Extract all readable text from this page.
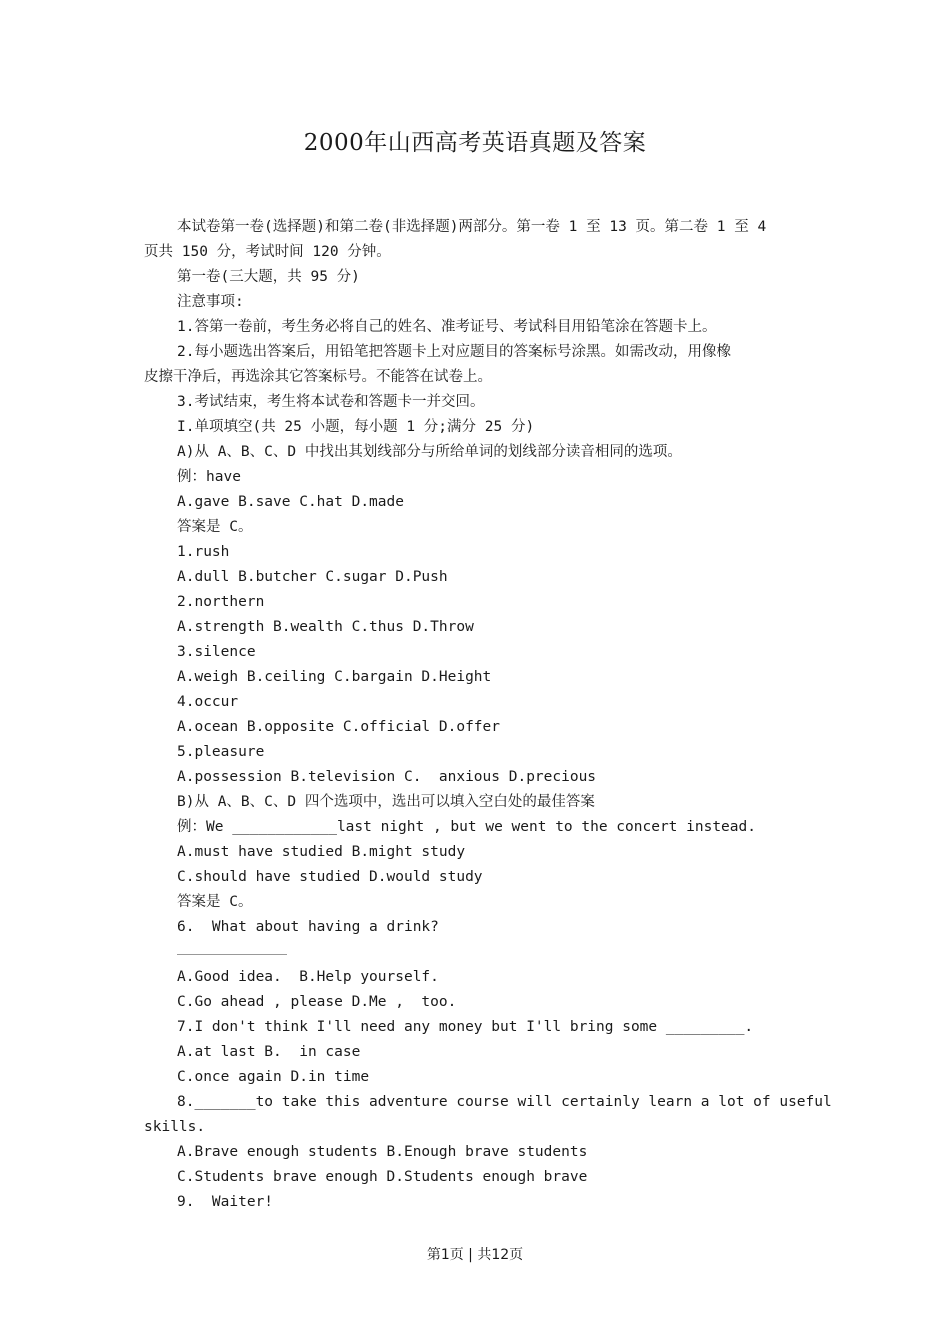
2000年山西高考英语真题及答案
本试卷第一卷(选择题)和第二卷(非选择题)两部分。第一卷 1 至 13 页。第二卷 1 至 4
页共 150 分，考试时间 120 分钟。
第一卷(三大题，共 95 分)
注意事项:
1.答第一卷前，考生务必将自己的姓名、准考证号、考试科目用铅笔涂在答题卡上。
2.每小题选出答案后，用铅笔把答题卡上对应题目的答案标号涂黑。如需改动，用像橡
皮擦干净后，再选涂其它答案标号。不能答在试卷上。
3.考试结束，考生将本试卷和答题卡一并交回。
I.单项填空(共 25 小题，每小题 1 分;满分 25 分)
A)从 A、B、C、D 中找出其划线部分与所给单词的划线部分读音相同的选项。
例：have
A.gave B.save C.hat D.made
答案是 C。
1.rush
A.dull B.butcher C.sugar D.Push
2.northern
A.strength B.wealth C.thus D.Throw
3.silence
A.weigh B.ceiling C.bargain D.Height
4.occur
A.ocean B.opposite C.official D.offer
5.pleasure
A.possession B.television C.  anxious D.precious
B)从 A、B、C、D 四个选项中，选出可以填入空白处的最佳答案
例：We ____________last night , but we went to the concert instead.
A.must have studied B.might study
C.should have studied D.would study
答案是 C。
6.  What about having a drink?
A.Good idea.  B.Help yourself.
C.Go ahead , please D.Me ,  too.
7.I don't think I'll need any money but I'll bring some _________.
A.at last B.  in case
C.once again D.in time
8._______to take this adventure course will certainly learn a lot of useful
skills.
A.Brave enough students B.Enough brave students
C.Students brave enough D.Students enough brave
9.  Waiter!
第1页 | 共12页
